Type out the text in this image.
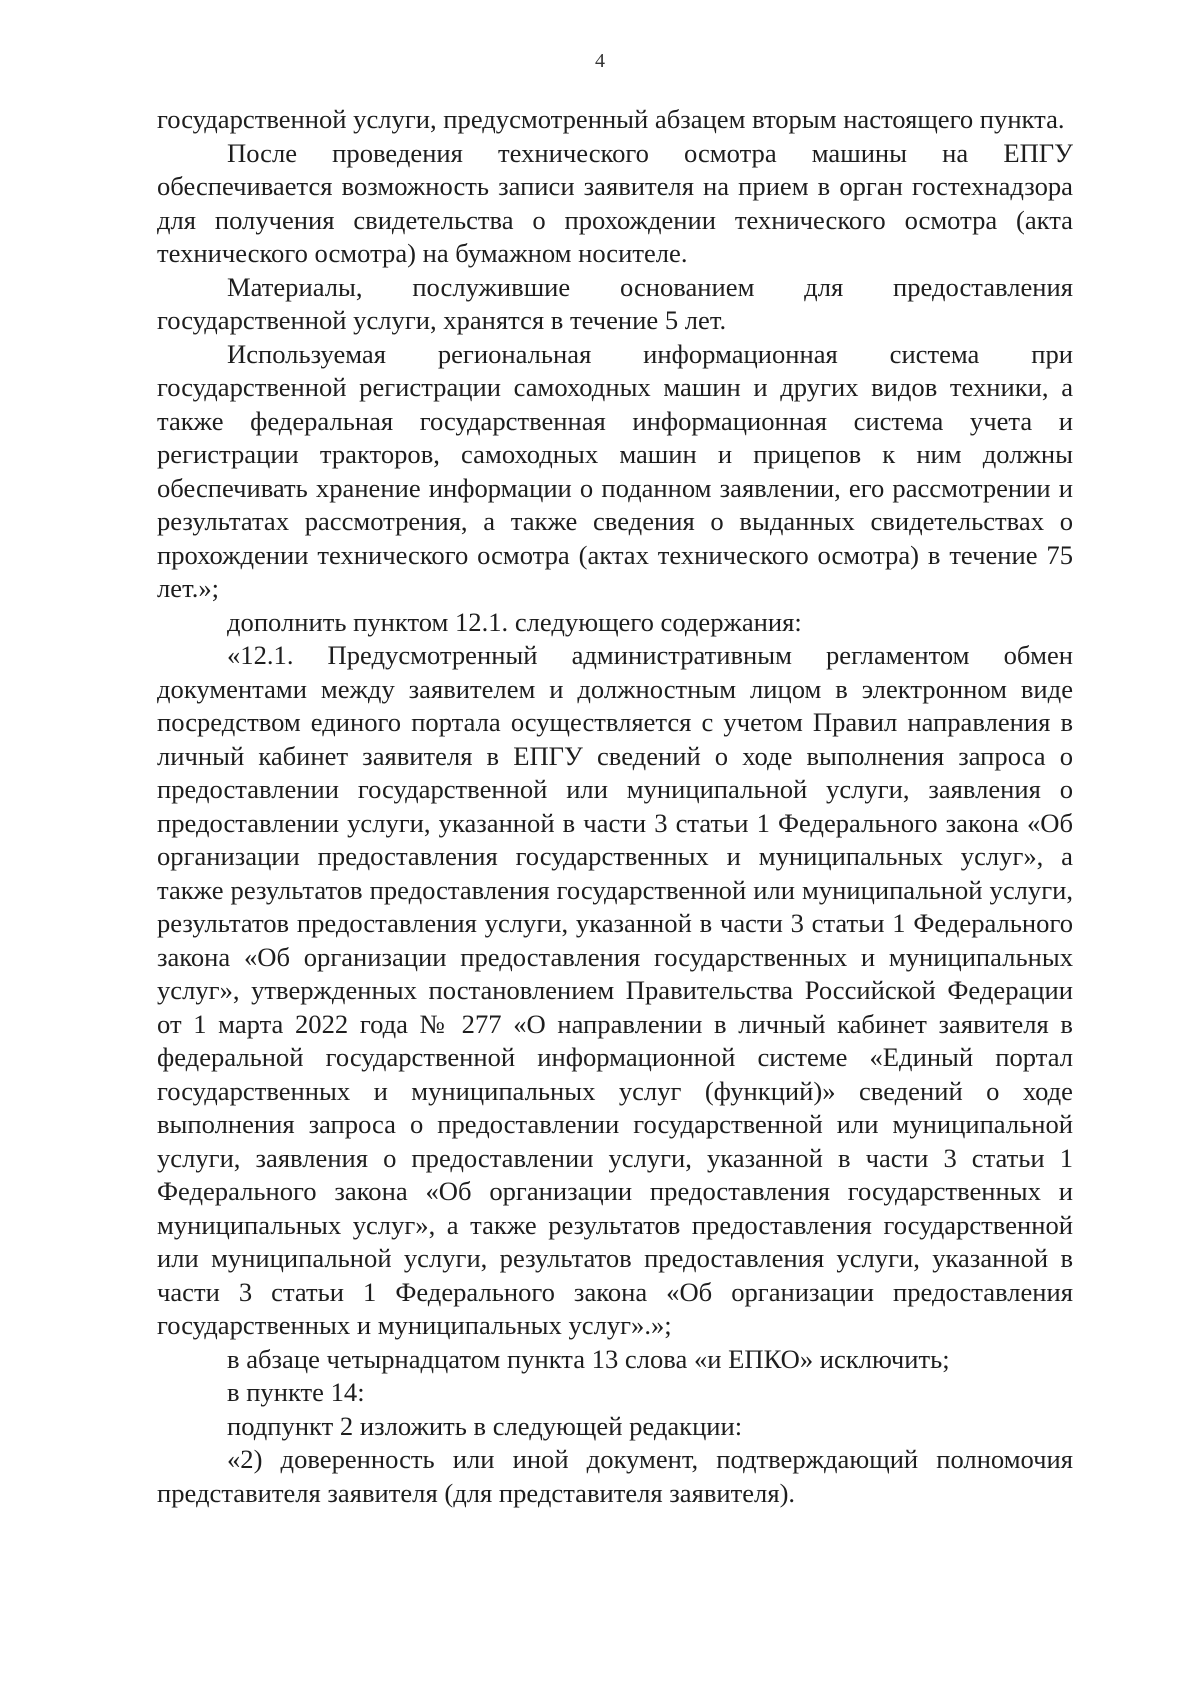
4

государственной услуги, предусмотренный абзацем вторым настоящего пункта.

После проведения технического осмотра машины на ЕПГУ обеспечивается возможность записи заявителя на прием в орган гостехнадзора для получения свидетельства о прохождении технического осмотра (акта технического осмотра) на бумажном носителе.

Материалы, послужившие основанием для предоставления государственной услуги, хранятся в течение 5 лет.

Используемая региональная информационная система при государственной регистрации самоходных машин и других видов техники, а также федеральная государственная информационная система учета и регистрации тракторов, самоходных машин и прицепов к ним должны обеспечивать хранение информации о поданном заявлении, его рассмотрении и результатах рассмотрения, а также сведения о выданных свидетельствах о прохождении технического осмотра (актах технического осмотра) в течение 75 лет.»;

дополнить пунктом 12.1. следующего содержания:

«12.1. Предусмотренный административным регламентом обмен документами между заявителем и должностным лицом в электронном виде посредством единого портала осуществляется с учетом Правил направления в личный кабинет заявителя в ЕПГУ сведений о ходе выполнения запроса о предоставлении государственной или муниципальной услуги, заявления о предоставлении услуги, указанной в части 3 статьи 1 Федерального закона «Об организации предоставления государственных и муниципальных услуг», а также результатов предоставления государственной или муниципальной услуги, результатов предоставления услуги, указанной в части 3 статьи 1 Федерального закона «Об организации предоставления государственных и муниципальных услуг», утвержденных постановлением Правительства Российской Федерации от 1 марта 2022 года № 277 «О направлении в личный кабинет заявителя в федеральной государственной информационной системе «Единый портал государственных и муниципальных услуг (функций)» сведений о ходе выполнения запроса о предоставлении государственной или муниципальной услуги, заявления о предоставлении услуги, указанной в части 3 статьи 1 Федерального закона «Об организации предоставления государственных и муниципальных услуг», а также результатов предоставления государственной или муниципальной услуги, результатов предоставления услуги, указанной в части 3 статьи 1 Федерального закона «Об организации предоставления государственных и муниципальных услуг».»;

в абзаце четырнадцатом пункта 13 слова «и ЕПКО» исключить;

в пункте 14:

подпункт 2 изложить в следующей редакции:

«2) доверенность или иной документ, подтверждающий полномочия представителя заявителя (для представителя заявителя).
